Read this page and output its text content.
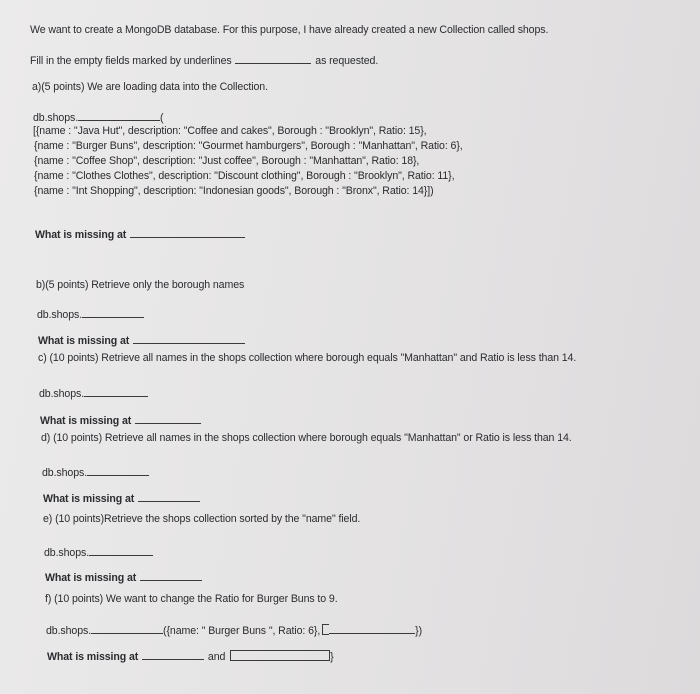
We want to create a MongoDB database. For this purpose, I have already created a new Collection called shops.
Fill in the empty fields marked by underlines	as requested.
a)(5 points) We are loading data into the Collection.
db.shops.	(
[{name : "Java Hut", description: "Coffee and cakes", Borough : "Brooklyn", Ratio: 15},
{name : "Burger Buns", description: "Gourmet hamburgers", Borough : "Manhattan", Ratio: 6},
{name : "Coffee Shop", description: "Just coffee", Borough : "Manhattan", Ratio: 18},
{name : "Clothes Clothes", description: "Discount clothing", Borough : "Brooklyn", Ratio: 11},
{name : "Int Shopping", description: "Indonesian goods", Borough : "Bronx", Ratio: 14}])
What is missing at
b)(5 points) Retrieve only the borough names
db.shops.
What is missing at
c) (10 points) Retrieve all names in the shops collection where borough equals "Manhattan" and Ratio is less than 14.
db.shops.
What is missing at
d) (10 points) Retrieve all names in the shops collection where borough equals "Manhattan" or Ratio is less than 14.
db.shops.
What is missing at
e) (10 points)Retrieve the shops collection sorted by the "name" field.
db.shops.
What is missing at
f) (10 points) We want to change the Ratio for Burger Buns to 9.
db.shops.	({name: " Burger Buns ", Ratio: 6},	})
What is missing at	and	}
